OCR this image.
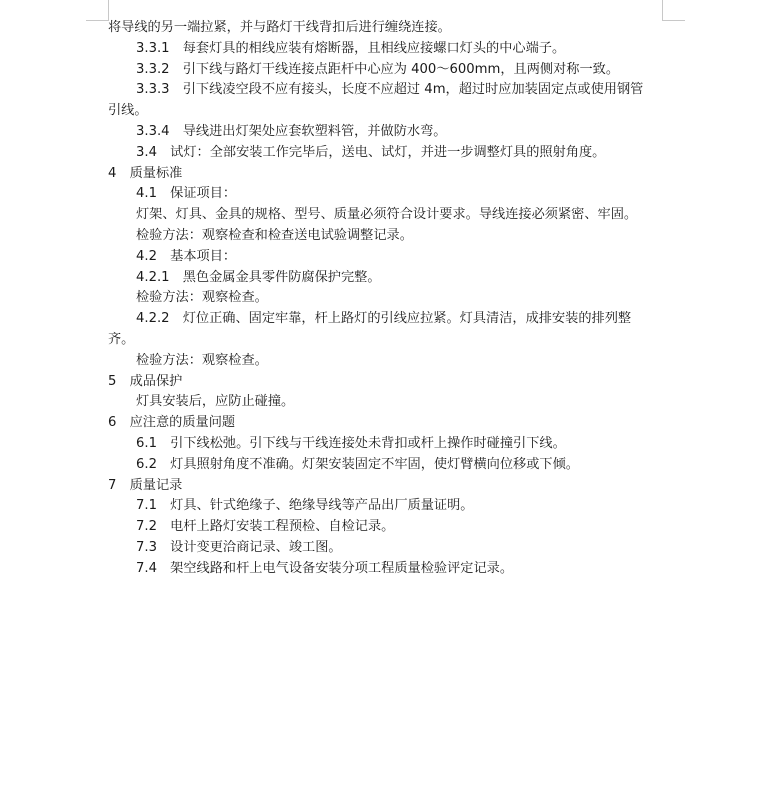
将导线的另一端拉紧，并与路灯干线背扣后进行缠绕连接。
3.3.1　每套灯具的相线应装有熔断器，且相线应接螺口灯头的中心端子。
3.3.2　引下线与路灯干线连接点距杆中心应为 400～600mm，且两侧对称一致。
3.3.3　引下线凌空段不应有接头，长度不应超过 4m，超过时应加装固定点或使用钢管
引线。
3.3.4　导线进出灯架处应套软塑料管，并做防水弯。
3.4　试灯：全部安装工作完毕后，送电、试灯，并进一步调整灯具的照射角度。
4　质量标准
4.1　保证项目：
灯架、灯具、金具的规格、型号、质量必须符合设计要求。导线连接必须紧密、牢固。
检验方法：观察检查和检查送电试验调整记录。
4.2　基本项目：
4.2.1　黑色金属金具零件防腐保护完整。
检验方法：观察检查。
4.2.2　灯位正确、固定牢靠，杆上路灯的引线应拉紧。灯具清洁，成排安装的排列整
齐。
检验方法：观察检查。
5　成品保护
灯具安装后，应防止碰撞。
6　应注意的质量问题
6.1　引下线松弛。引下线与干线连接处未背扣或杆上操作时碰撞引下线。
6.2　灯具照射角度不准确。灯架安装固定不牢固，使灯臂横向位移或下倾。
7　质量记录
7.1　灯具、针式绝缘子、绝缘导线等产品出厂质量证明。
7.2　电杆上路灯安装工程预检、自检记录。
7.3　设计变更洽商记录、竣工图。
7.4　架空线路和杆上电气设备安装分项工程质量检验评定记录。
